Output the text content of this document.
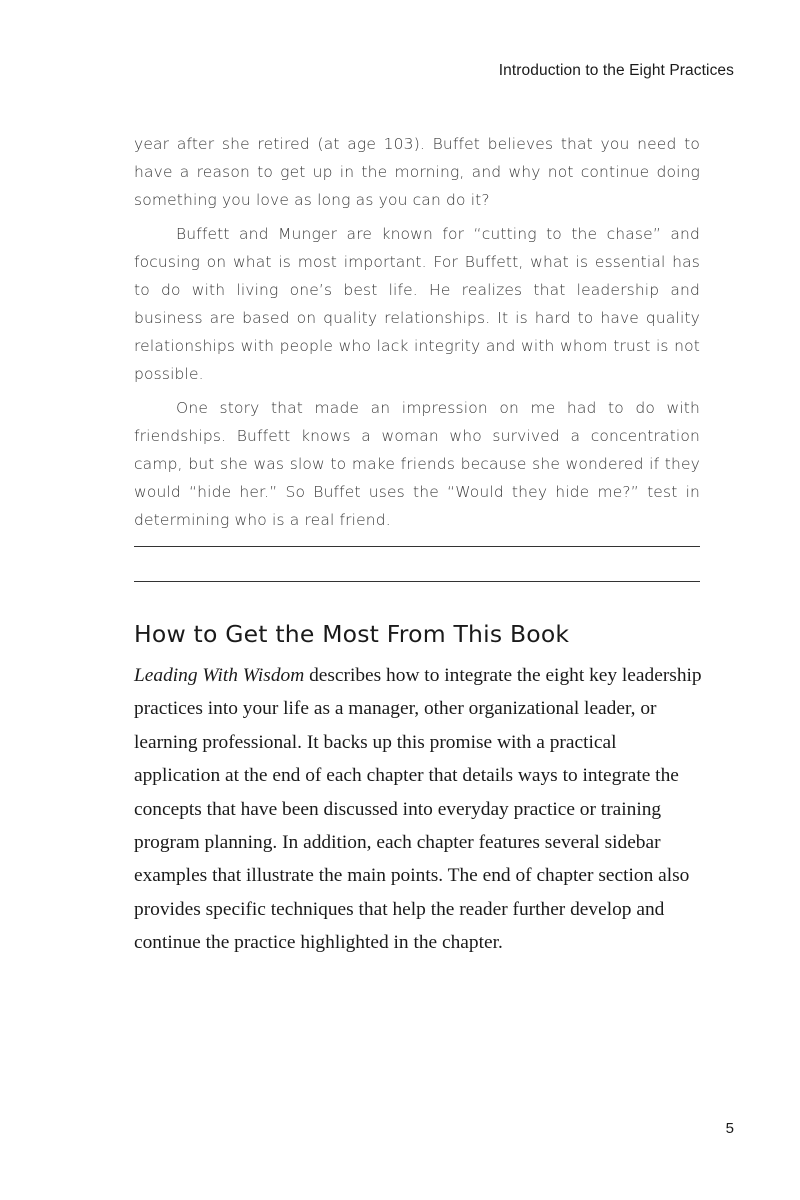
Introduction to the Eight Practices

year after she retired (at age 103). Buffet believes that you need to have a reason to get up in the morning, and why not continue doing something you love as long as you can do it?

Buffett and Munger are known for “cutting to the chase” and focusing on what is most important. For Buffett, what is essential has to do with living one’s best life. He realizes that leadership and business are based on quality relationships. It is hard to have quality relationships with people who lack integrity and with whom trust is not possible.

One story that made an impression on me had to do with friendships. Buffett knows a woman who survived a concentration camp, but she was slow to make friends because she wondered if they would “hide her.” So Buffet uses the “Would they hide me?” test in determining who is a real friend.

How to Get the Most From This Book

Leading With Wisdom describes how to integrate the eight key leadership practices into your life as a manager, other organizational leader, or learning professional. It backs up this promise with a practical application at the end of each chapter that details ways to integrate the concepts that have been discussed into everyday practice or training program planning. In addition, each chapter features several sidebar examples that illustrate the main points. The end of chapter section also provides specific techniques that help the reader further develop and continue the practice highlighted in the chapter.

5
